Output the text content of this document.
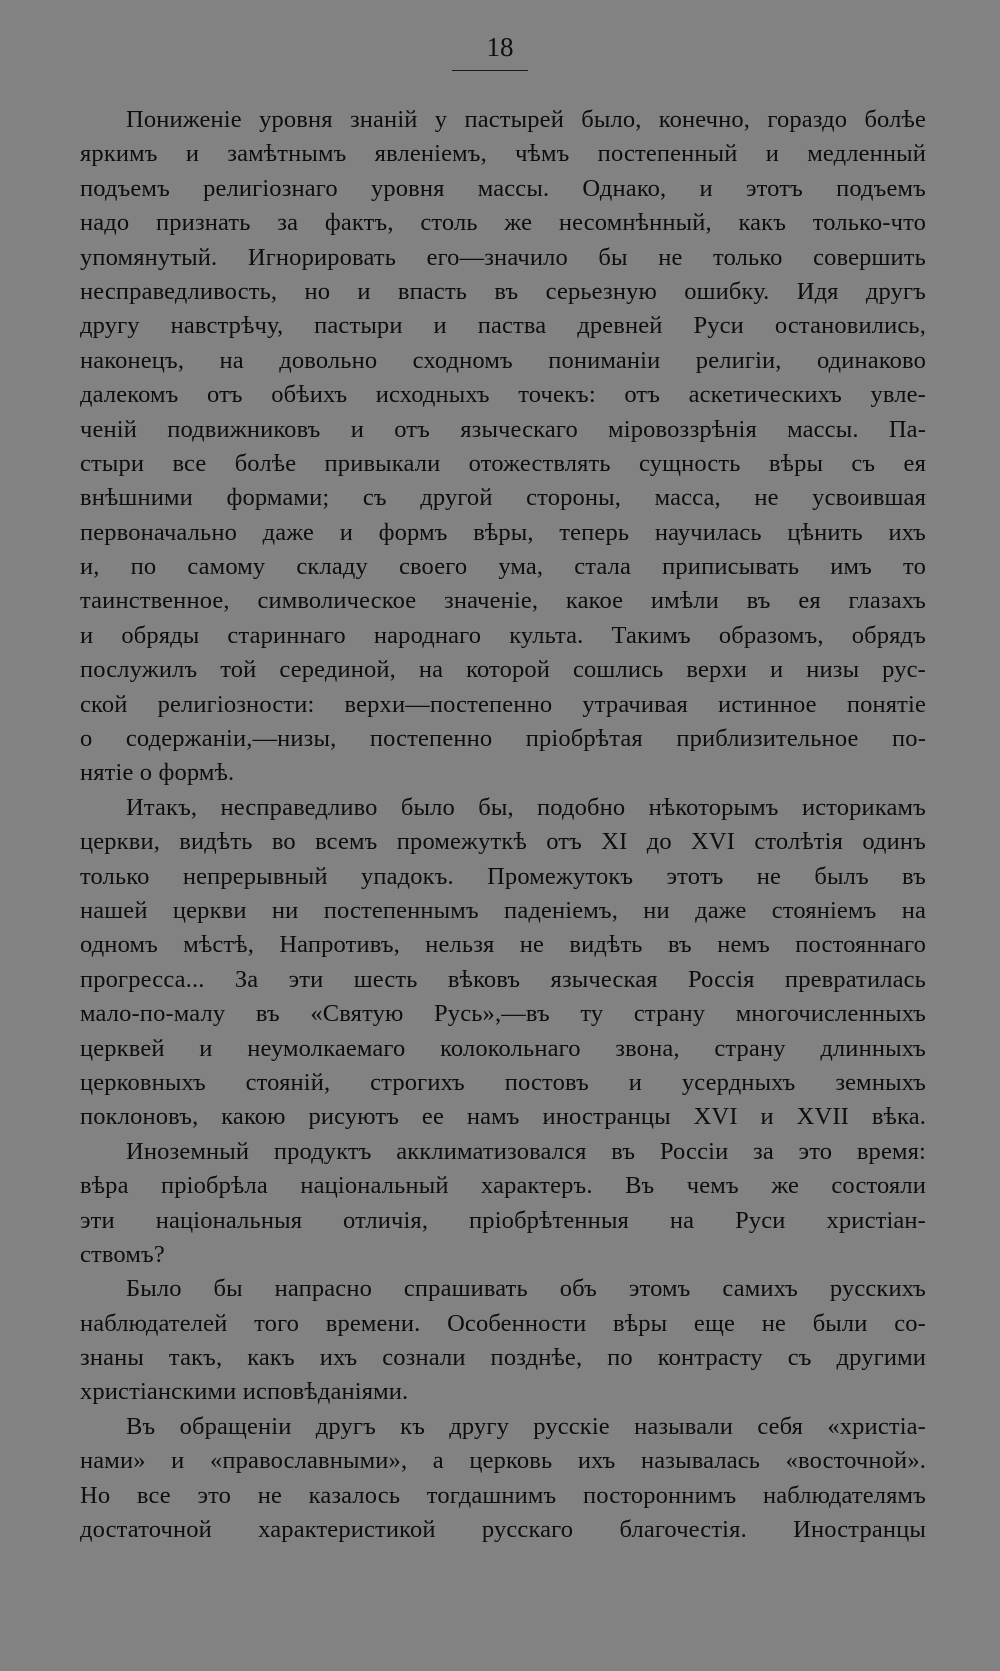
18
Пониженiе уровня знанiй у пастырей было, конечно, гораздо болѣе
яркимъ и замѣтнымъ явленiемъ, чѣмъ постепенный и медленный
подъемъ религiознаго уровня массы. Однако, и этотъ подъемъ
надо признать за фактъ, столь же несомнѣнный, какъ только-что
упомянутый. Игнорировать его—значило бы не только совершить
несправедливость, но и впасть въ серьезную ошибку. Идя другъ
другу навстрѣчу, пастыри и паства древней Руси остановились,
наконецъ, на довольно сходномъ пониманiи религiи, одинаково
далекомъ отъ обѣихъ исходныхъ точекъ: отъ аскетическихъ увле-
ченiй подвижниковъ и отъ языческаго мiровоззрѣнiя массы. Па-
стыри все болѣе привыкали отожествлять сущность вѣры съ ея
внѣшними формами; съ другой стороны, масса, не усвоившая
первоначально даже и формъ вѣры, теперь научилась цѣнить ихъ
и, по самому складу своего ума, стала приписывать имъ то
таинственное, символическое значенiе, какое имѣли въ ея глазахъ
и обряды стариннаго народнаго культа. Такимъ образомъ, обрядъ
послужилъ той серединой, на которой сошлись верхи и низы рус-
ской религiозности: верхи—постепенно утрачивая истинное понятiе
о содержанiи,—низы, постепенно прiобрѣтая приблизительное по-
нятiе о формѣ.
Итакъ, несправедливо было бы, подобно нѣкоторымъ историкамъ
церкви, видѣть во всемъ промежуткѣ отъ XI до XVI столѣтiя одинъ
только непрерывный упадокъ. Промежутокъ этотъ не былъ въ
нашей церкви ни постепеннымъ паденiемъ, ни даже стоянiемъ на
одномъ мѣстѣ, Напротивъ, нельзя не видѣть въ немъ постояннаго
прогресса... За эти шесть вѣковъ языческая Россiя превратилась
мало-по-малу въ «Святую Русь»,—въ ту страну многочисленныхъ
церквей и неумолкаемаго колокольнаго звона, страну длинныхъ
церковныхъ стоянiй, строгихъ постовъ и усердныхъ земныхъ
поклоновъ, какою рисуютъ ее намъ иностранцы XVI и XVII вѣка.
Иноземный продуктъ акклиматизовался въ Россiи за это время:
вѣра прiобрѣла нацiональный характеръ. Въ чемъ же состояли
эти нацiональныя отличiя, прiобрѣтенныя на Руси христiан-
ствомъ?
Было бы напрасно спрашивать объ этомъ самихъ русскихъ
наблюдателей того времени. Особенности вѣры еще не были со-
знаны такъ, какъ ихъ сознали позднѣе, по контрасту съ другими
христiанскими исповѣданiями.
Въ обращенiи другъ къ другу русскiе называли себя «христiа-
нами» и «православными», а церковь ихъ называлась «восточной».
Но все это не казалось тогдашнимъ постороннимъ наблюдателямъ
достаточной характеристикой русскаго благочестiя. Иностранцы
